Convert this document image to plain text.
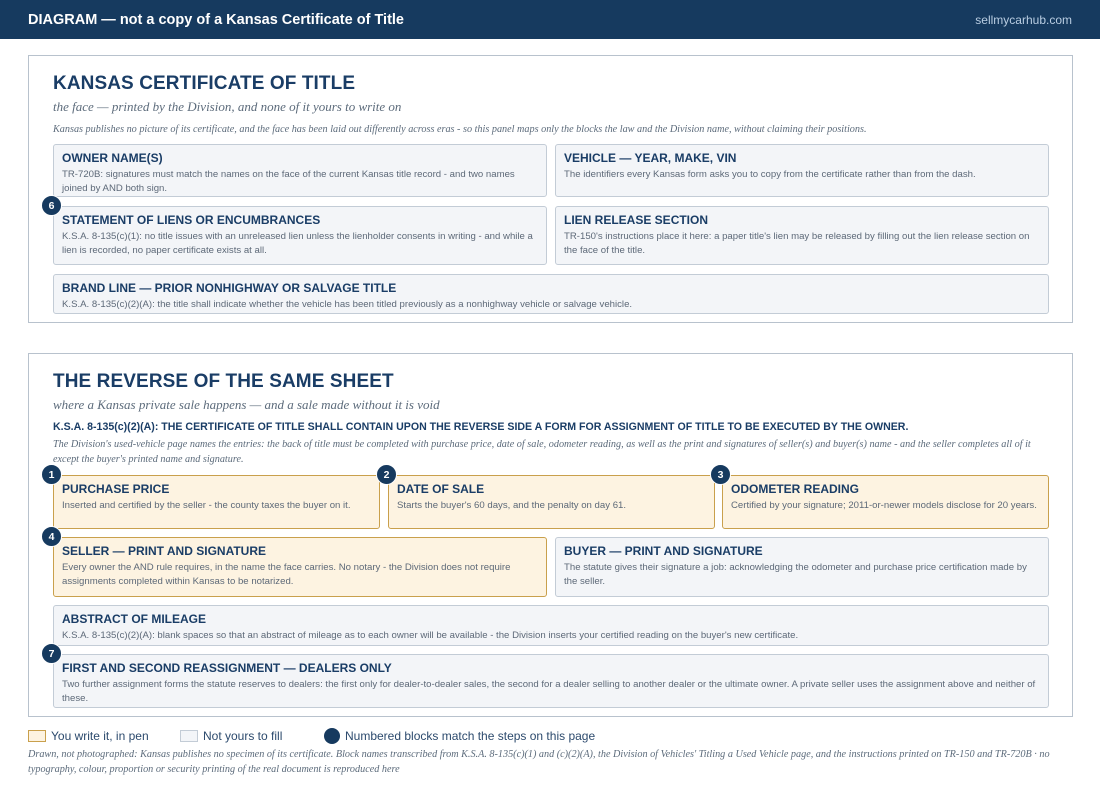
DIAGRAM — not a copy of a Kansas Certificate of Title	sellmycarhub.com
KANSAS CERTIFICATE OF TITLE
the face — printed by the Division, and none of it yours to write on
Kansas publishes no picture of its certificate, and the face has been laid out differently across eras - so this panel maps only the blocks the law and the Division name, without claiming their positions.
OWNER NAME(S)
TR-720B: signatures must match the names on the face of the current Kansas title record - and two names joined by AND both sign.
VEHICLE — YEAR, MAKE, VIN
The identifiers every Kansas form asks you to copy from the certificate rather than from the dash.
STATEMENT OF LIENS OR ENCUMBRANCES
K.S.A. 8-135(c)(1): no title issues with an unreleased lien unless the lienholder consents in writing - and while a lien is recorded, no paper certificate exists at all.
LIEN RELEASE SECTION
TR-150's instructions place it here: a paper title's lien may be released by filling out the lien release section on the face of the title.
BRAND LINE — PRIOR NONHIGHWAY OR SALVAGE TITLE
K.S.A. 8-135(c)(2)(A): the title shall indicate whether the vehicle has been titled previously as a nonhighway vehicle or salvage vehicle.
6
THE REVERSE OF THE SAME SHEET
where a Kansas private sale happens — and a sale made without it is void
K.S.A. 8-135(c)(2)(A): THE CERTIFICATE OF TITLE SHALL CONTAIN UPON THE REVERSE SIDE A FORM FOR ASSIGNMENT OF TITLE TO BE EXECUTED BY THE OWNER.
The Division's used-vehicle page names the entries: the back of title must be completed with purchase price, date of sale, odometer reading, as well as the print and signatures of seller(s) and buyer(s) name - and the seller completes all of it except the buyer's printed name and signature.
PURCHASE PRICE
Inserted and certified by the seller - the county taxes the buyer on it.
DATE OF SALE
Starts the buyer's 60 days, and the penalty on day 61.
ODOMETER READING
Certified by your signature; 2011-or-newer models disclose for 20 years.
SELLER — PRINT AND SIGNATURE
Every owner the AND rule requires, in the name the face carries. No notary - the Division does not require assignments completed within Kansas to be notarized.
BUYER — PRINT AND SIGNATURE
The statute gives their signature a job: acknowledging the odometer and purchase price certification made by the seller.
ABSTRACT OF MILEAGE
K.S.A. 8-135(c)(2)(A): blank spaces so that an abstract of mileage as to each owner will be available - the Division inserts your certified reading on the buyer's new certificate.
FIRST AND SECOND REASSIGNMENT — DEALERS ONLY
Two further assignment forms the statute reserves to dealers: the first only for dealer-to-dealer sales, the second for a dealer selling to another dealer or the ultimate owner. A private seller uses the assignment above and neither of these.
1	2	3
4
7
You write it, in pen	Not yours to fill	Numbered blocks match the steps on this page
Drawn, not photographed: Kansas publishes no specimen of its certificate. Block names transcribed from K.S.A. 8-135(c)(1) and (c)(2)(A), the Division of Vehicles' Titling a Used Vehicle page, and the instructions printed on TR-150 and TR-720B · no typography, colour, proportion or security printing of the real document is reproduced here
